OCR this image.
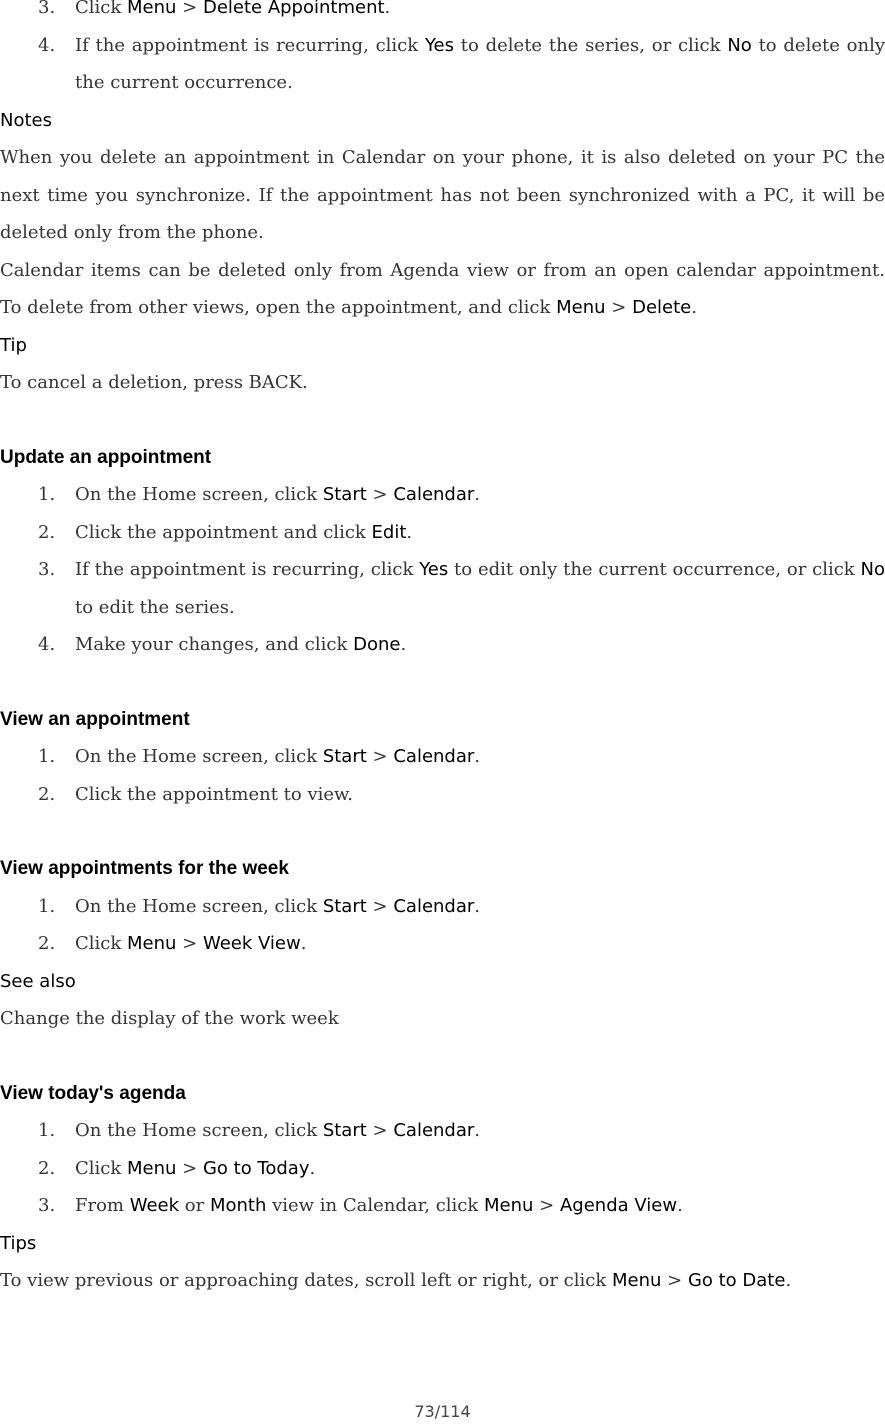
3.	Click Menu > Delete Appointment.

4.	If the appointment is recurring, click Yes to delete the series, or click No to delete only the current occurrence.

Notes

When you delete an appointment in Calendar on your phone, it is also deleted on your PC the next time you synchronize. If the appointment has not been synchronized with a PC, it will be deleted only from the phone.

Calendar items can be deleted only from Agenda view or from an open calendar appointment. To delete from other views, open the appointment, and click Menu > Delete.

Tip

To cancel a deletion, press BACK.

Update an appointment
1.	On the Home screen, click Start > Calendar.

2.	Click the appointment and click Edit.

3.	If the appointment is recurring, click Yes to edit only the current occurrence, or click No to edit the series.

4.	Make your changes, and click Done.

View an appointment
1.	On the Home screen, click Start > Calendar.

2.	Click the appointment to view.

View appointments for the week
1.	On the Home screen, click Start > Calendar.

2.	Click Menu > Week View.

See also

Change the display of the work week

View today's agenda
1.	On the Home screen, click Start > Calendar.

2.	Click Menu > Go to Today.

3.	From Week or Month view in Calendar, click Menu > Agenda View.

Tips

To view previous or approaching dates, scroll left or right, or click Menu > Go to Date.

73/114
